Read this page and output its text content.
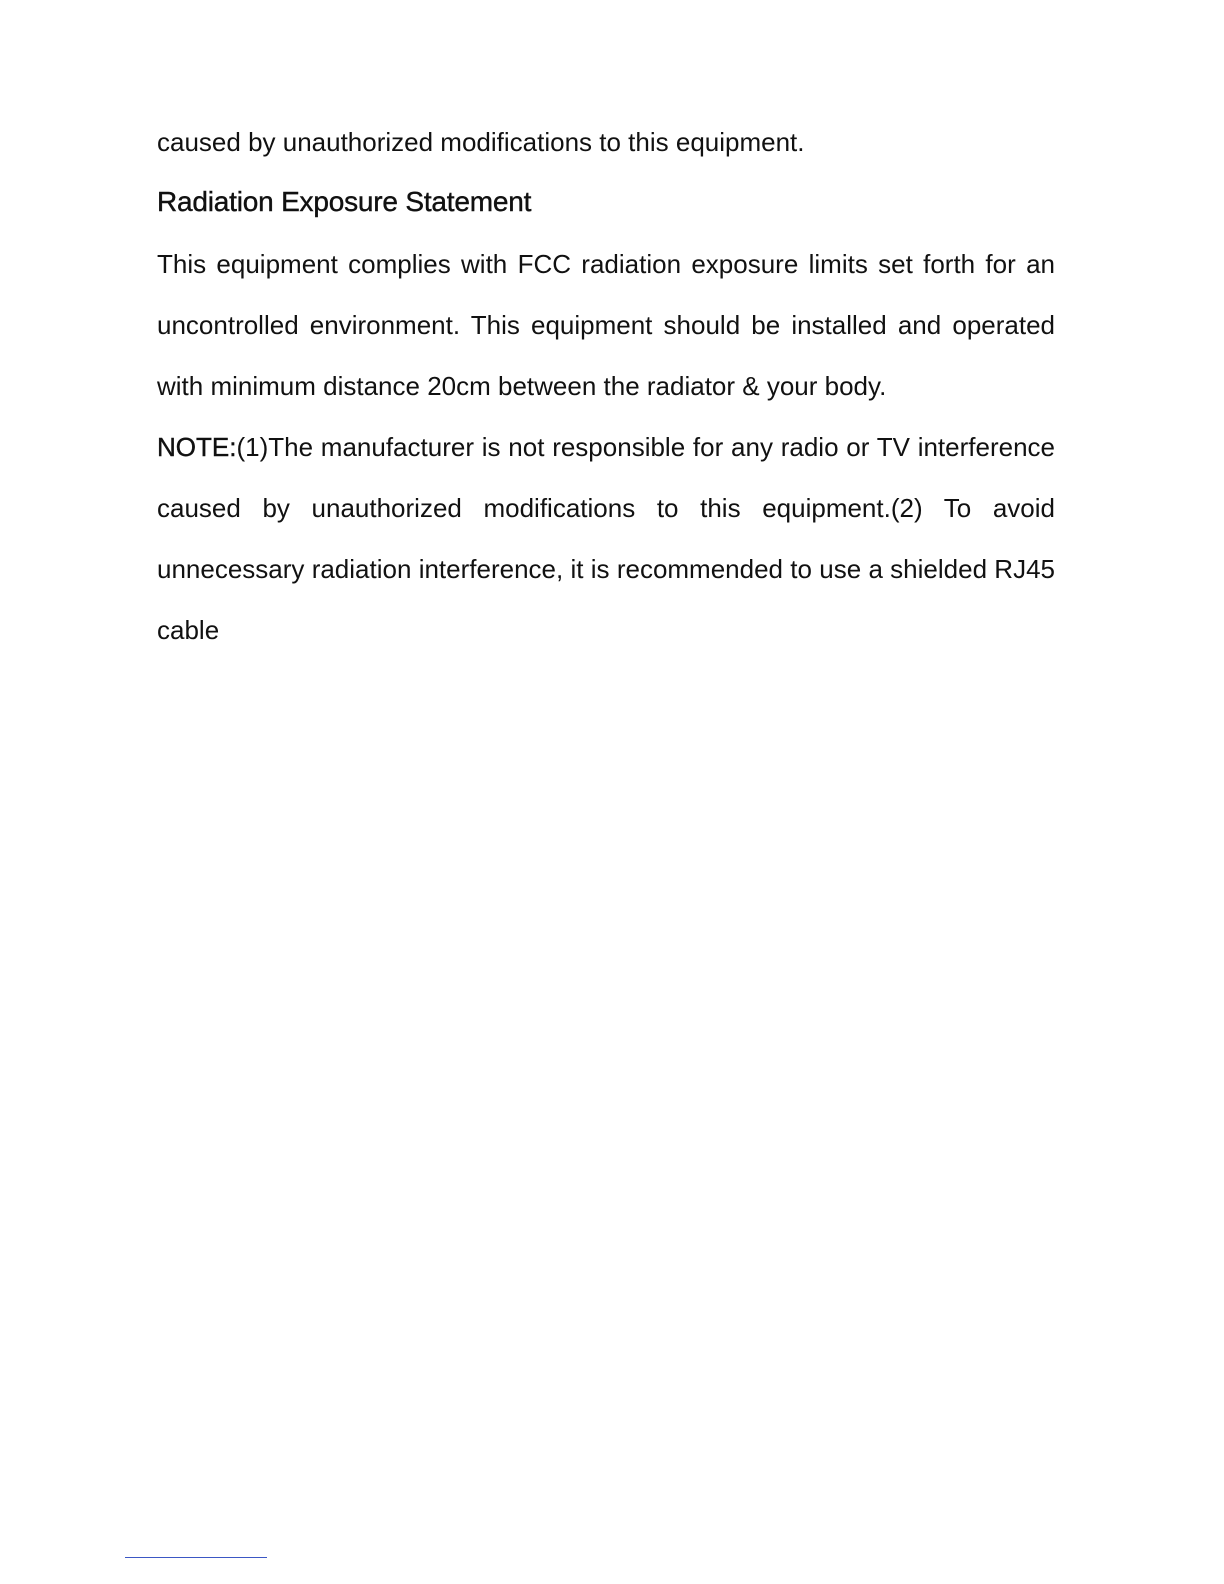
caused by unauthorized modifications to this equipment.

Radiation Exposure Statement

This equipment complies with FCC radiation exposure limits set forth for an uncontrolled environment. This equipment should be installed and operated with minimum distance 20cm between the radiator & your body.

NOTE:(1)The manufacturer is not responsible for any radio or TV interference caused by unauthorized modifications to this equipment.(2) To avoid unnecessary radiation interference, it is recommended to use a shielded RJ45 cable
